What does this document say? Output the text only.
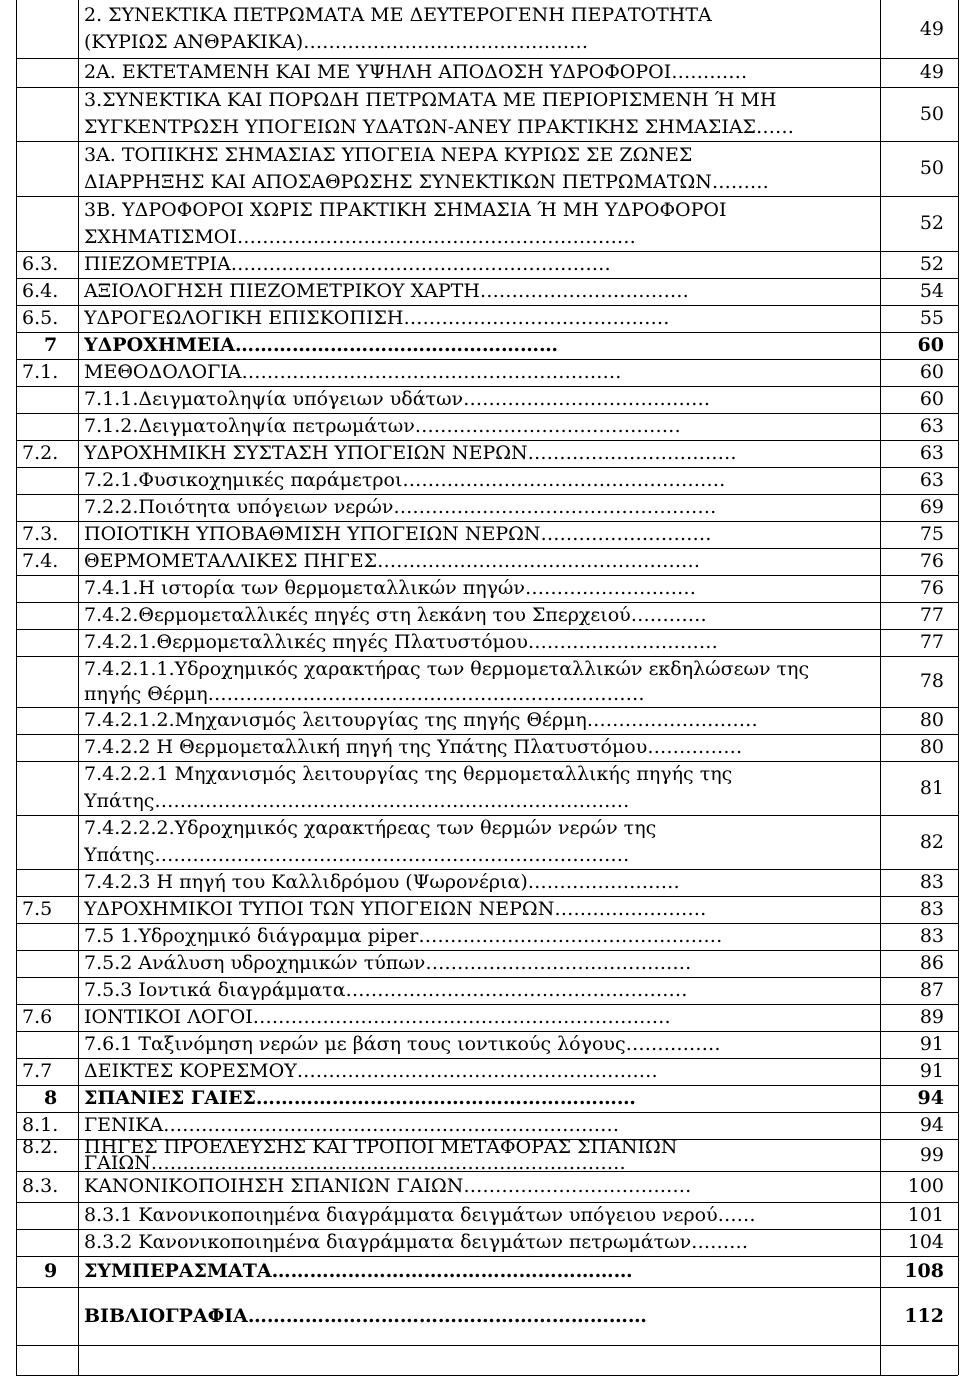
2. ΣΥΝΕΚΤΙΚΑ ΠΕΤΡΩΜΑΤΑ ΜΕ ΔΕΥΤΕΡΟΓΕΝΗ ΠΕΡΑΤΟΤΗΤΑ
(ΚΥΡΙΩΣ ΑΝΘΡΑΚΙΚΑ)………………………………………
49
2Α. ΕΚΤΕΤΑΜΕΝΗ ΚΑΙ ΜΕ ΥΨΗΛΗ ΑΠΟΔΟΣΗ ΥΔΡΟΦΟΡΟΙ…………	49
3.ΣΥΝΕΚΤΙΚΑ ΚΑΙ ΠΟΡΩΔΗ ΠΕΤΡΩΜΑΤΑ ΜΕ ΠΕΡΙΟΡΙΣΜΕΝΗ Ή ΜΗ
ΣΥΓΚΕΝΤΡΩΣΗ ΥΠΟΓΕΙΩΝ ΥΔΑΤΩΝ-ΑΝΕΥ ΠΡΑΚΤΙΚΗΣ ΣΗΜΑΣΙΑΣ……
50
3Α. ΤΟΠΙΚΗΣ ΣΗΜΑΣΙΑΣ ΥΠΟΓΕΙΑ ΝΕΡΑ ΚΥΡΙΩΣ ΣΕ ΖΩΝΕΣ
ΔΙΑΡΡΗΞΗΣ ΚΑΙ ΑΠΟΣΑΘΡΩΣΗΣ ΣΥΝΕΚΤΙΚΩΝ ΠΕΤΡΩΜΑΤΩΝ………
50
3Β. ΥΔΡΟΦΟΡΟΙ ΧΩΡΙΣ ΠΡΑΚΤΙΚΗ ΣΗΜΑΣΙΑ Ή ΜΗ ΥΔΡΟΦΟΡΟΙ
ΣΧΗΜΑΤΙΣΜΟΙ………………………………………………………
52
6.3. ΠΙΕΖΟΜΕΤΡΙΑ……………………………………………………	52
6.4. ΑΞΙΟΛΟΓΗΣΗ ΠΙΕΖΟΜΕΤΡΙΚΟΥ ΧΑΡΤΗ……………………………	54
6.5. ΥΔΡΟΓΕΩΛΟΓΙΚΗ ΕΠΙΣΚΟΠΙΣΗ……………………………………	55
7 ΥΔΡΟΧΗΜΕΙΑ……………………………………………	60
7.1. ΜΕΘΟΔΟΛΟΓΙΑ……………………………………………………	60
7.1.1.Δειγματοληψία υπόγειων υδάτων…………………………………	60
7.1.2.Δειγματοληψία πετρωμάτων……………………………………	63
7.2. ΥΔΡΟΧΗΜΙΚΗ ΣΥΣΤΑΣΗ ΥΠΟΓΕΙΩΝ ΝΕΡΩΝ……………………………	63
7.2.1.Φυσικοχημικές παράμετροι……………………………………………	63
7.2.2.Ποιότητα υπόγειων νερών……………………………………………	69
7.3. ΠΟΙΟΤΙΚΗ ΥΠΟΒΑΘΜΙΣΗ ΥΠΟΓΕΙΩΝ ΝΕΡΩΝ………………………	75
7.4. ΘΕΡΜΟΜΕΤΑΛΛΙΚΕΣ ΠΗΓΕΣ……………………………………………	76
7.4.1.Η ιστορία των θερμομεταλλικών πηγών………………………	76
7.4.2.Θερμομεταλλικές πηγές στη λεκάνη του Σπερχειού…………	77
7.4.2.1.Θερμομεταλλικές πηγές Πλατυστόμου…………………………	77
7.4.2.1.1.Υδροχημικός χαρακτήρας των θερμομεταλλικών εκδηλώσεων της
πηγής Θέρμη……………………………………………………………
78
7.4.2.1.2.Μηχανισμός λειτουργίας της πηγής Θέρμη………………………	80
7.4.2.2 Η Θερμομεταλλική πηγή της Υπάτης Πλατυστόμου……………	80
7.4.2.2.1 Μηχανισμός λειτουργίας της θερμομεταλλικής πηγής της
Υπάτης…………………………………………………………………
81
7.4.2.2.2.Υδροχημικός χαρακτήρεας των θερμών νερών της
Υπάτης…………………………………………………………………
82
7.4.2.3 Η πηγή του Καλλιδρόμου (Ψωρονέρια)……………………	83
7.5 ΥΔΡΟΧΗΜΙΚΟΙ ΤΥΠΟΙ ΤΩΝ ΥΠΟΓΕΙΩΝ ΝΕΡΩΝ……………………	83
7.5 1.Υδροχημικό διάγραμμα piper…………………………………………	83
7.5.2 Ανάλυση υδροχημικών τύπων……………………………………	86
7.5.3 Ιοντικά διαγράμματα………………………………………………	87
7.6 ΙΟΝΤΙΚΟΙ ΛΟΓΟΙ…………………………………………………………	89
7.6.1 Ταξινόμηση νερών με βάση τους ιοντικούς λόγους……………	91
7.7 ΔΕΙΚΤΕΣ ΚΟΡΕΣΜΟΥ…………………………………………………	91
8 ΣΠΑΝΙΕΣ ΓΑΙΕΣ……………………………………………………	94
8.1. ΓΕΝΙΚΑ………………………………………………………………	94
8.2. ΠΗΓΕΣ ΠΡΟΕΛΕΥΣΗΣ ΚΑΙ ΤΡΟΠΟΙ ΜΕΤΑΦΟΡΑΣ ΣΠΑΝΙΩΝ
ΓΑΙΩΝ…………………………………………………………………	99
8.3. ΚΑΝΟΝΙΚΟΠΟΙΗΣΗ ΣΠΑΝΙΩΝ ΓΑΙΩΝ………………………………	100
8.3.1 Κανονικοποιημένα διαγράμματα δειγμάτων υπόγειου νερού……	101
8.3.2 Κανονικοποιημένα διαγράμματα δειγμάτων πετρωμάτων………	104
9 ΣΥΜΠΕΡΑΣΜΑΤΑ…………………………………………………	108
ΒΙΒΛΙΟΓΡΑΦΙΑ………………………………………………………	112
